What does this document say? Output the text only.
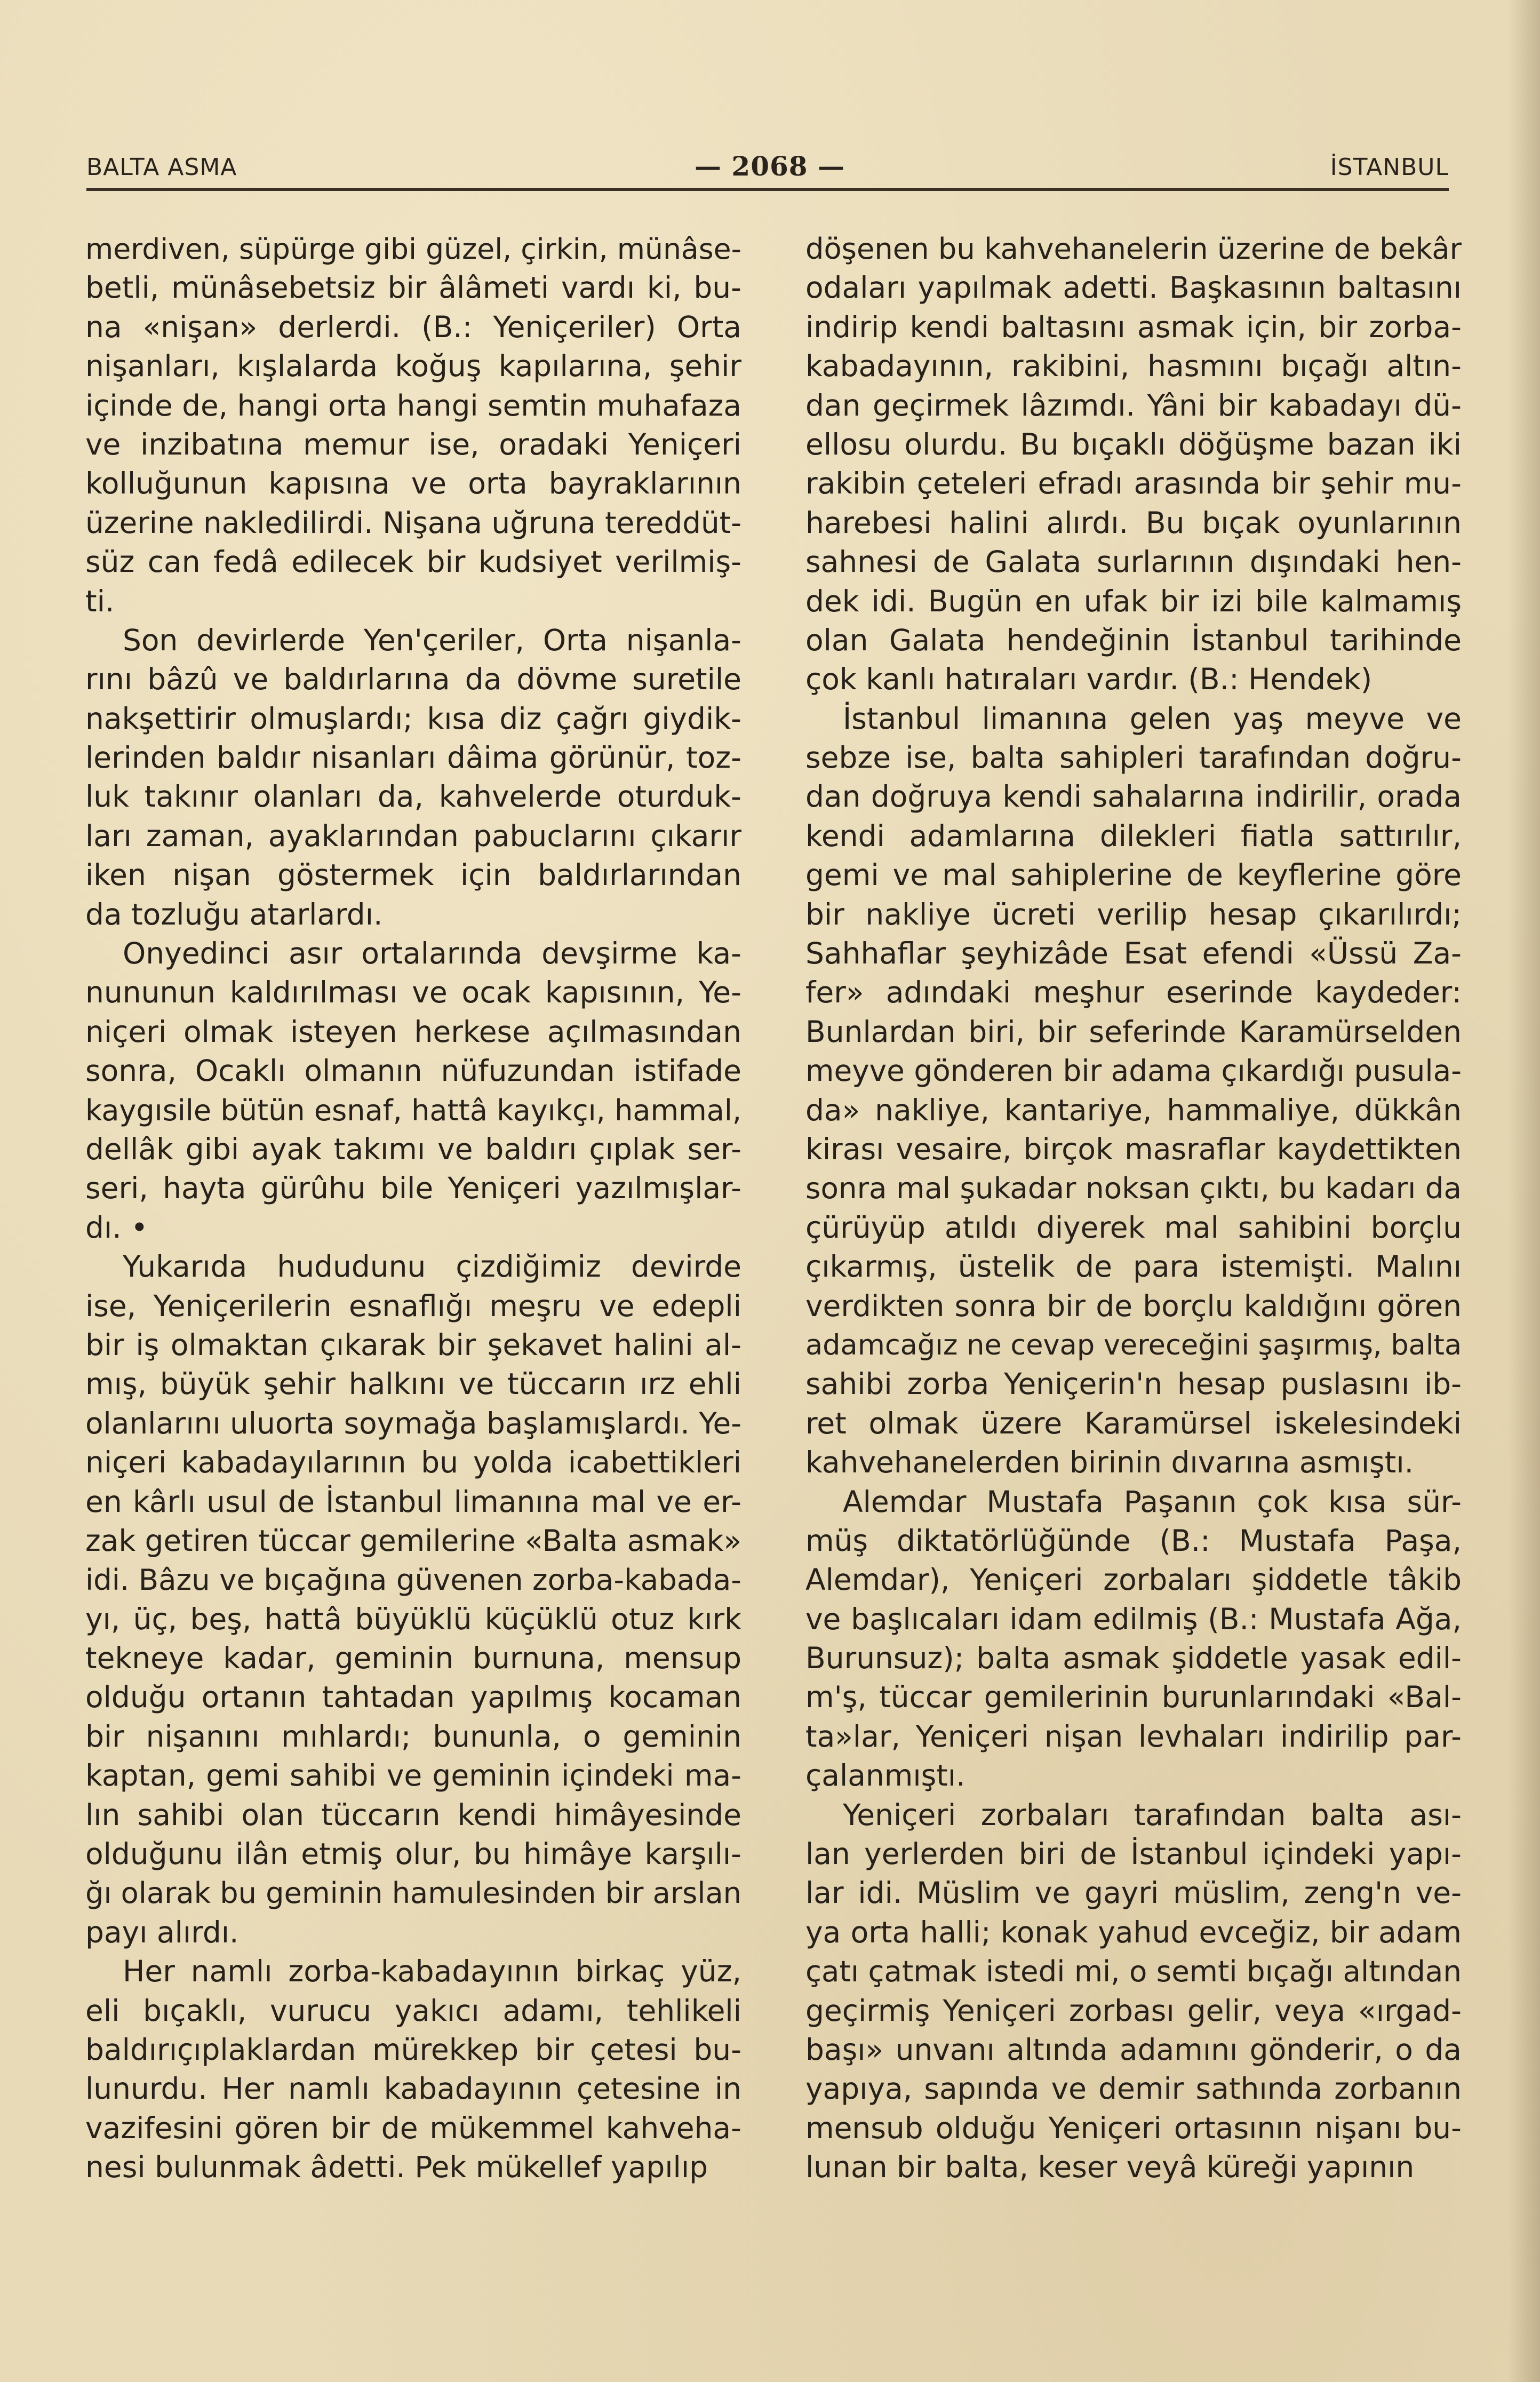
BALTA ASMA	— 2068 —	İSTANBUL
merdiven, süpürge gibi güzel, çirkin, münâse-
betli, münâsebetsiz bir âlâmeti vardı ki, bu-
na «nişan» derlerdi. (B.: Yeniçeriler) Orta
nişanları, kışlalarda koğuş kapılarına, şehir
içinde de, hangi orta hangi semtin muhafaza
ve inzibatına memur ise, oradaki Yeniçeri
kolluğunun kapısına ve orta bayraklarının
üzerine nakledilirdi. Nişana uğruna tereddüt-
süz can fedâ edilecek bir kudsiyet verilmiş-
ti.
Son devirlerde Yen'çeriler, Orta nişanla-
rını bâzû ve baldırlarına da dövme suretile
nakşettirir olmuşlardı; kısa diz çağrı giydik-
lerinden baldır nisanları dâima görünür, toz-
luk takınır olanları da, kahvelerde oturduk-
ları zaman, ayaklarından pabuclarını çıkarır
iken nişan göstermek için baldırlarından
da tozluğu atarlardı.
Onyedinci asır ortalarında devşirme ka-
nununun kaldırılması ve ocak kapısının, Ye-
niçeri olmak isteyen herkese açılmasından
sonra, Ocaklı olmanın nüfuzundan istifade
kaygısile bütün esnaf, hattâ kayıkçı, hammal,
dellâk gibi ayak takımı ve baldırı çıplak ser-
seri, hayta gürûhu bile Yeniçeri yazılmışlar-
dı. •
Yukarıda hududunu çizdiğimiz devirde
ise, Yeniçerilerin esnaflığı meşru ve edepli
bir iş olmaktan çıkarak bir şekavet halini al-
mış, büyük şehir halkını ve tüccarın ırz ehli
olanlarını uluorta soymağa başlamışlardı. Ye-
niçeri kabadayılarının bu yolda icabettikleri
en kârlı usul de İstanbul limanına mal ve er-
zak getiren tüccar gemilerine «Balta asmak»
idi. Bâzu ve bıçağına güvenen zorba-kabada-
yı, üç, beş, hattâ büyüklü küçüklü otuz kırk
tekneye kadar, geminin burnuna, mensup
olduğu ortanın tahtadan yapılmış kocaman
bir nişanını mıhlardı; bununla, o geminin
kaptan, gemi sahibi ve geminin içindeki ma-
lın sahibi olan tüccarın kendi himâyesinde
olduğunu ilân etmiş olur, bu himâye karşılı-
ğı olarak bu geminin hamulesinden bir arslan
payı alırdı.
Her namlı zorba-kabadayının birkaç yüz,
eli bıçaklı, vurucu yakıcı adamı, tehlikeli
baldırıçıplaklardan mürekkep bir çetesi bu-
lunurdu. Her namlı kabadayının çetesine in
vazifesini gören bir de mükemmel kahveha-
nesi bulunmak âdetti. Pek mükellef yapılıp
döşenen bu kahvehanelerin üzerine de bekâr
odaları yapılmak adetti. Başkasının baltasını
indirip kendi baltasını asmak için, bir zorba-
kabadayının, rakibini, hasmını bıçağı altın-
dan geçirmek lâzımdı. Yâni bir kabadayı dü-
ellosu olurdu. Bu bıçaklı döğüşme bazan iki
rakibin çeteleri efradı arasında bir şehir mu-
harebesi halini alırdı. Bu bıçak oyunlarının
sahnesi de Galata surlarının dışındaki hen-
dek idi. Bugün en ufak bir izi bile kalmamış
olan Galata hendeğinin İstanbul tarihinde
çok kanlı hatıraları vardır. (B.: Hendek)
İstanbul limanına gelen yaş meyve ve
sebze ise, balta sahipleri tarafından doğru-
dan doğruya kendi sahalarına indirilir, orada
kendi adamlarına dilekleri fiatla sattırılır,
gemi ve mal sahiplerine de keyflerine göre
bir nakliye ücreti verilip hesap çıkarılırdı;
Sahhaflar şeyhizâde Esat efendi «Üssü Za-
fer» adındaki meşhur eserinde kaydeder:
Bunlardan biri, bir seferinde Karamürselden
meyve gönderen bir adama çıkardığı pusula-
da» nakliye, kantariye, hammaliye, dükkân
kirası vesaire, birçok masraflar kaydettikten
sonra mal şukadar noksan çıktı, bu kadarı da
çürüyüp atıldı diyerek mal sahibini borçlu
çıkarmış, üstelik de para istemişti. Malını
verdikten sonra bir de borçlu kaldığını gören
adamcağız ne cevap vereceğini şaşırmış, balta
sahibi zorba Yeniçerin'n hesap puslasını ib-
ret olmak üzere Karamürsel iskelesindeki
kahvehanelerden birinin dıvarına asmıştı.
Alemdar Mustafa Paşanın çok kısa sür-
müş diktatörlüğünde (B.: Mustafa Paşa,
Alemdar), Yeniçeri zorbaları şiddetle tâkib
ve başlıcaları idam edilmiş (B.: Mustafa Ağa,
Burunsuz); balta asmak şiddetle yasak edil-
m'ş, tüccar gemilerinin burunlarındaki «Bal-
ta»lar, Yeniçeri nişan levhaları indirilip par-
çalanmıştı.
Yeniçeri zorbaları tarafından balta ası-
lan yerlerden biri de İstanbul içindeki yapı-
lar idi. Müslim ve gayri müslim, zeng'n ve-
ya orta halli; konak yahud evceğiz, bir adam
çatı çatmak istedi mi, o semti bıçağı altından
geçirmiş Yeniçeri zorbası gelir, veya «ırgad-
başı» unvanı altında adamını gönderir, o da
yapıya, sapında ve demir sathında zorbanın
mensub olduğu Yeniçeri ortasının nişanı bu-
lunan bir balta, keser veyâ küreği yapının
